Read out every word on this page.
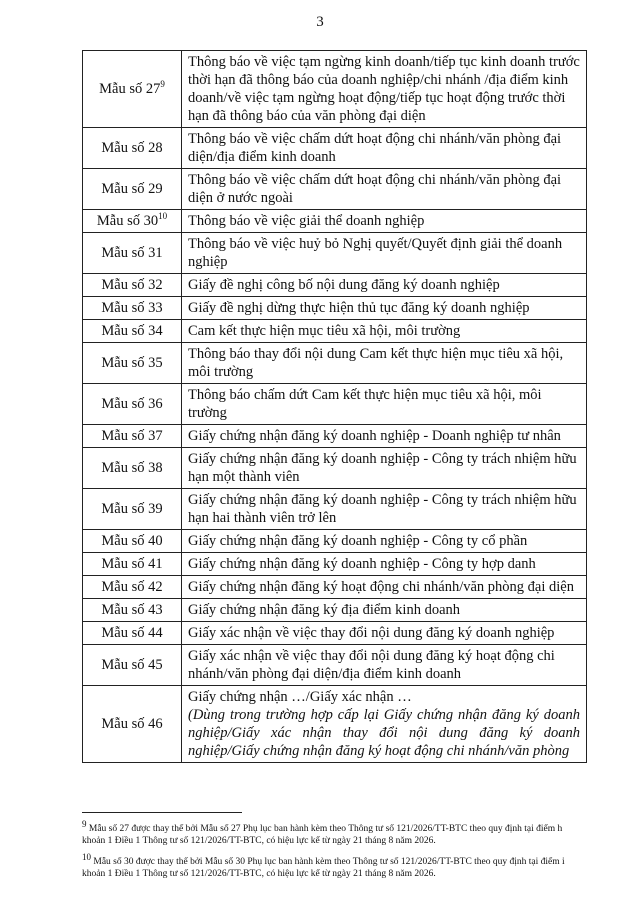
3
Mẫu số $27^9$	Thông báo về việc tạm ngừng kinh doanh/tiếp tục kinh doanh trước thời hạn đã thông báo của doanh nghiệp/chi nhánh /địa điểm kinh doanh/về việc tạm ngừng hoạt động/tiếp tục hoạt động trước thời hạn đã thông báo của văn phòng đại diện
Mẫu số 28	Thông báo về việc chấm dứt hoạt động chi nhánh/văn phòng đại diện/địa điểm kinh doanh
Mẫu số 29	Thông báo về việc chấm dứt hoạt động chi nhánh/văn phòng đại diện ở nước ngoài
Mẫu số $30^{10}$	Thông báo về việc giải thể doanh nghiệp
Mẫu số 31	Thông báo về việc huỷ bỏ Nghị quyết/Quyết định giải thể doanh nghiệp
Mẫu số 32	Giấy đề nghị công bố nội dung đăng ký doanh nghiệp
Mẫu số 33	Giấy đề nghị dừng thực hiện thủ tục đăng ký doanh nghiệp
Mẫu số 34	Cam kết thực hiện mục tiêu xã hội, môi trường
Mẫu số 35	Thông báo thay đổi nội dung Cam kết thực hiện mục tiêu xã hội, môi trường
Mẫu số 36	Thông báo chấm dứt Cam kết thực hiện mục tiêu xã hội, môi trường
Mẫu số 37	Giấy chứng nhận đăng ký doanh nghiệp - Doanh nghiệp tư nhân
Mẫu số 38	Giấy chứng nhận đăng ký doanh nghiệp - Công ty trách nhiệm hữu hạn một thành viên
Mẫu số 39	Giấy chứng nhận đăng ký doanh nghiệp - Công ty trách nhiệm hữu hạn hai thành viên trở lên
Mẫu số 40	Giấy chứng nhận đăng ký doanh nghiệp - Công ty cổ phần
Mẫu số 41	Giấy chứng nhận đăng ký doanh nghiệp - Công ty hợp danh
Mẫu số 42	Giấy chứng nhận đăng ký hoạt động chi nhánh/văn phòng đại diện
Mẫu số 43	Giấy chứng nhận đăng ký địa điểm kinh doanh
Mẫu số 44	Giấy xác nhận về việc thay đổi nội dung đăng ký doanh nghiệp
Mẫu số 45	Giấy xác nhận về việc thay đổi nội dung đăng ký hoạt động chi nhánh/văn phòng đại diện/địa điểm kinh doanh
Mẫu số 46	Giấy chứng nhận …/Giấy xác nhận …
(Dùng trong trường hợp cấp lại Giấy chứng nhận đăng ký doanh nghiệp/Giấy xác nhận thay đổi nội dung đăng ký doanh nghiệp/Giấy chứng nhận đăng ký hoạt động chi nhánh/văn phòng

$^9$ Mẫu số 27 được thay thế bởi Mẫu số 27 Phụ lục ban hành kèm theo Thông tư số 121/2026/TT-BTC theo quy định tại điểm h khoản 1 Điều 1 Thông tư số 121/2026/TT-BTC, có hiệu lực kể từ ngày 21 tháng 8 năm 2026.

$^{10}$ Mẫu số 30 được thay thế bởi Mẫu số 30 Phụ lục ban hành kèm theo Thông tư số 121/2026/TT-BTC theo quy định tại điểm i khoản 1 Điều 1 Thông tư số 121/2026/TT-BTC, có hiệu lực kể từ ngày 21 tháng 8 năm 2026.
